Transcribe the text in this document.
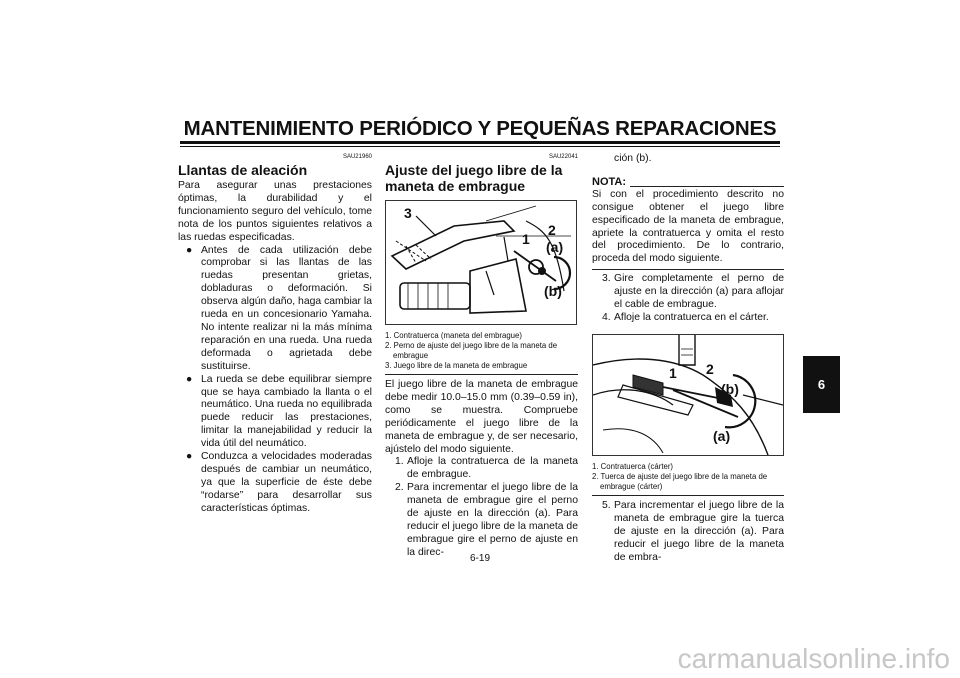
MANTENIMIENTO PERIÓDICO Y PEQUEÑAS REPARACIONES
SAU21960
Llantas de aleación

Para asegurar unas prestaciones óptimas, la durabilidad y el funcionamiento seguro del vehículo, tome nota de los puntos siguientes relativos a las ruedas especificadas.

● Antes de cada utilización debe comprobar si las llantas de las ruedas presentan grietas, dobladuras o deformación. Si observa algún daño, haga cambiar la rueda en un concesionario Yamaha. No intente realizar ni la más mínima reparación en una rueda. Una rueda deformada o agrietada debe sustituirse.
● La rueda se debe equilibrar siempre que se haya cambiado la llanta o el neumático. Una rueda no equilibrada puede reducir las prestaciones, limitar la manejabilidad y reducir la vida útil del neumático.
● Conduzca a velocidades moderadas después de cambiar un neumático, ya que la superficie de éste debe “rodarse” para desarrollar sus características óptimas.
SAU22041
Ajuste del juego libre de la maneta de embrague
3
1
2
(a)
(b)
1. Contratuerca (maneta del embrague)
2. Perno de ajuste del juego libre de la maneta de embrague
3. Juego libre de la maneta de embrague

El juego libre de la maneta de embrague debe medir 10.0–15.0 mm (0.39–0.59 in), como se muestra. Compruebe periódicamente el juego libre de la maneta de embrague y, de ser necesario, ajústelo del modo siguiente.

1. Afloje la contratuerca de la maneta de embrague.
2. Para incrementar el juego libre de la maneta de embrague gire el perno de ajuste en la dirección (a). Para reducir el juego libre de la maneta de embrague gire el perno de ajuste en la direc-
ción (b).
NOTA:

Si con el procedimiento descrito no consigue obtener el juego libre especificado de la maneta de embrague, apriete la contratuerca y omita el resto del procedimiento. De lo contrario, proceda del modo siguiente.

3. Gire completamente el perno de ajuste en la dirección (a) para aflojar el cable de embrague.
4. Afloje la contratuerca en el cárter.
1 2
(b)
(a)
1. Contratuerca (cárter)
2. Tuerca de ajuste del juego libre de la maneta de embrague (cárter)
5. Para incrementar el juego libre de la maneta de embrague gire la tuerca de ajuste en la dirección (a). Para reducir el juego libre de la maneta de embra-
6
6-19
carmanualsonline.info
